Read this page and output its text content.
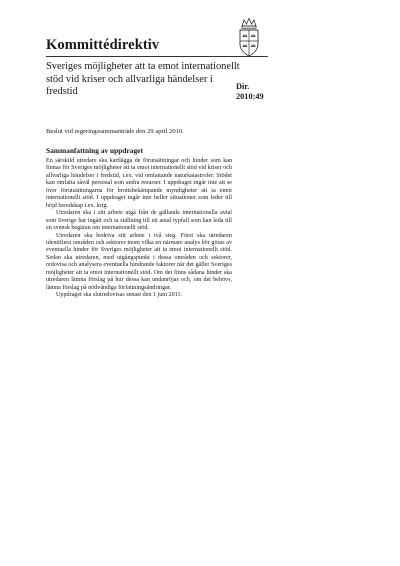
Kommittédirektiv
Sveriges möjligheter att ta emot internationellt stöd vid kriser och allvarliga händelser i fredstid	Dir.
2010:49
Beslut vid regeringssammanträde den 29 april 2010.
Sammanfattning av uppdraget

En särskild utredare ska kartlägga de förutsättningar och hinder som kan finnas för Sveriges möjligheter att ta emot internationellt stöd vid kriser och allvarliga händelser i fredstid, t.ex. vid omfattande naturkatastrofer. Stödet kan omfatta såväl personal som andra resurser. I uppdraget ingår inte att se över förutsättningarna för brottsbekämpande myndigheter att ta emot internationellt stöd. I uppdraget ingår inte heller situationer som leder till höjd beredskap t.ex. krig.

Utredaren ska i sitt arbete utgå från de gällande internationella avtal som Sverige har ingått och ta ställning till ett antal typfall som kan leda till en svensk begäran om internationellt stöd.

Utredaren ska bedriva sitt arbete i två steg. Först ska utredaren identifiera områden och sektorer inom vilka en närmare analys bör göras av eventuella hinder för Sveriges möjligheter att ta emot internationellt stöd. Sedan ska utredaren, med utgångspunkt i dessa områden och sektorer, redovisa och analysera eventuella hindrande faktorer när det gäller Sveriges möjligheter att ta emot internationellt stöd. Om det finns sådana hinder ska utredaren lämna förslag på hur dessa kan undanröjas och, om det behövs, lämna förslag på nödvändiga författningsändringar.

Uppdraget ska slutredovisas senast den 1 juni 2011.
